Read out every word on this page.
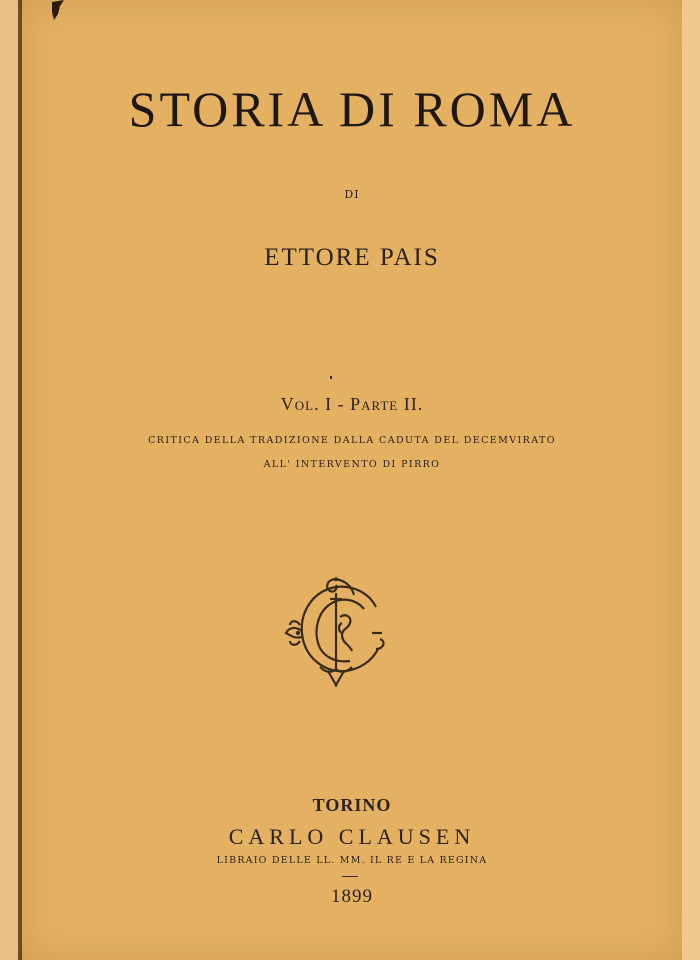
STORIA DI ROMA
DI
ETTORE PAIS
Vol. I - Parte II.
CRITICA DELLA TRADIZIONE DALLA CADUTA DEL DECEMVIRATO
ALL' INTERVENTO DI PIRRO
TORINO
CARLO CLAUSEN
LIBRAIO DELLE LL. MM. IL RE E LA REGINA
1899
